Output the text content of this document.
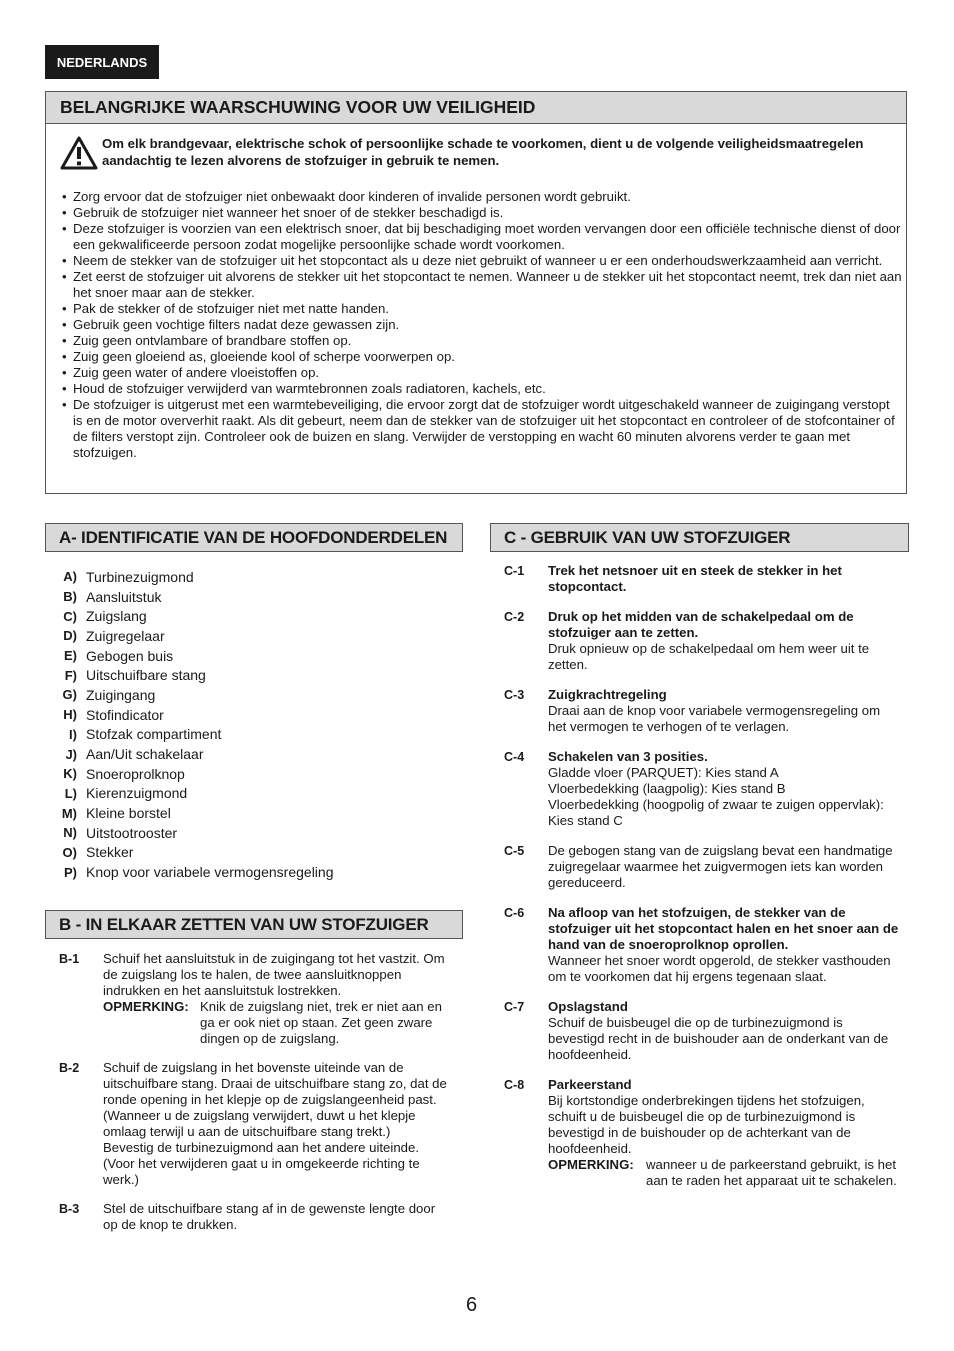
NEDERLANDS
BELANGRIJKE WAARSCHUWING VOOR UW VEILIGHEID
Om elk brandgevaar, elektrische schok of persoonlijke schade te voorkomen, dient u de volgende veiligheidsmaatregelen aandachtig te lezen alvorens de stofzuiger in gebruik te nemen.
• Zorg ervoor dat de stofzuiger niet onbewaakt door kinderen of invalide personen wordt gebruikt.
• Gebruik de stofzuiger niet wanneer het snoer of de stekker beschadigd is.
• Deze stofzuiger is voorzien van een elektrisch snoer, dat bij beschadiging moet worden vervangen door een officiële technische dienst of door een gekwalificeerde persoon zodat mogelijke persoonlijke schade wordt voorkomen.
• Neem de stekker van de stofzuiger uit het stopcontact als u deze niet gebruikt of wanneer u er een onderhoudswerkzaamheid aan verricht.
• Zet eerst de stofzuiger uit alvorens de stekker uit het stopcontact te nemen. Wanneer u de stekker uit het stopcontact neemt, trek dan niet aan het snoer maar aan de stekker.
• Pak de stekker of de stofzuiger niet met natte handen.
• Gebruik geen vochtige filters nadat deze gewassen zijn.
• Zuig geen ontvlambare of brandbare stoffen op.
• Zuig geen gloeiend as, gloeiende kool of scherpe voorwerpen op.
• Zuig geen water of andere vloeistoffen op.
• Houd de stofzuiger verwijderd van warmtebronnen zoals radiatoren, kachels, etc.
• De stofzuiger is uitgerust met een warmtebeveiliging, die ervoor zorgt dat de stofzuiger wordt uitgeschakeld wanneer de zuigingang verstopt is en de motor oververhit raakt. Als dit gebeurt, neem dan de stekker van de stofzuiger uit het stopcontact en controleer of de stofcontainer of de filters verstopt zijn. Controleer ook de buizen en slang. Verwijder de verstopping en wacht 60 minuten alvorens verder te gaan met stofzuigen.
A- IDENTIFICATIE VAN DE HOOFDONDERDELEN
A) Turbinezuigmond
B) Aansluitstuk
C) Zuigslang
D) Zuigregelaar
E) Gebogen buis
F) Uitschuifbare stang
G) Zuigingang
H) Stofindicator
I) Stofzak compartiment
J) Aan/Uit schakelaar
K) Snoeroprolknop
L) Kierenzuigmond
M) Kleine borstel
N) Uitstootrooster
O) Stekker
P) Knop voor variabele vermogensregeling
B - IN ELKAAR ZETTEN VAN UW STOFZUIGER
B-1	Schuif het aansluitstuk in de zuigingang tot het vastzit. Om de zuigslang los te halen, de twee aansluitknoppen indrukken en het aansluitstuk lostrekken.
OPMERKING: Knik de zuigslang niet, trek er niet aan en ga er ook niet op staan. Zet geen zware dingen op de zuigslang.
B-2	Schuif de zuigslang in het bovenste uiteinde van de uitschuifbare stang. Draai de uitschuifbare stang zo, dat de ronde opening in het klepje op de zuigslangeenheid past. (Wanneer u de zuigslang verwijdert, duwt u het klepje omlaag terwijl u aan de uitschuifbare stang trekt.)
Bevestig de turbinezuigmond aan het andere uiteinde. (Voor het verwijderen gaat u in omgekeerde richting te werk.)
B-3	Stel de uitschuifbare stang af in de gewenste lengte door op de knop te drukken.
C - GEBRUIK VAN UW STOFZUIGER
C-1	Trek het netsnoer uit en steek de stekker in het stopcontact.
C-2	Druk op het midden van de schakelpedaal om de stofzuiger aan te zetten.
Druk opnieuw op de schakelpedaal om hem weer uit te zetten.
C-3	Zuigkrachtregeling
Draai aan de knop voor variabele vermogensregeling om het vermogen te verhogen of te verlagen.
C-4	Schakelen van 3 posities.
Gladde vloer (PARQUET): Kies stand A
Vloerbedekking (laagpolig): Kies stand B
Vloerbedekking (hoogpolig of zwaar te zuigen oppervlak): Kies stand C
C-5	De gebogen stang van de zuigslang bevat een handmatige zuigregelaar waarmee het zuigvermogen iets kan worden gereduceerd.
C-6	Na afloop van het stofzuigen, de stekker van de stofzuiger uit het stopcontact halen en het snoer aan de hand van de snoeroprolknop oprollen.
Wanneer het snoer wordt opgerold, de stekker vasthouden om te voorkomen dat hij ergens tegenaan slaat.
C-7	Opslagstand
Schuif de buisbeugel die op de turbinezuigmond is bevestigd recht in de buishouder aan de onderkant van de hoofdeenheid.
C-8	Parkeerstand
Bij kortstondige onderbrekingen tijdens het stofzuigen, schuift u de buisbeugel die op de turbinezuigmond is bevestigd in de buishouder op de achterkant van de hoofdeenheid.
OPMERKING: wanneer u de parkeerstand gebruikt, is het aan te raden het apparaat uit te schakelen.
6
